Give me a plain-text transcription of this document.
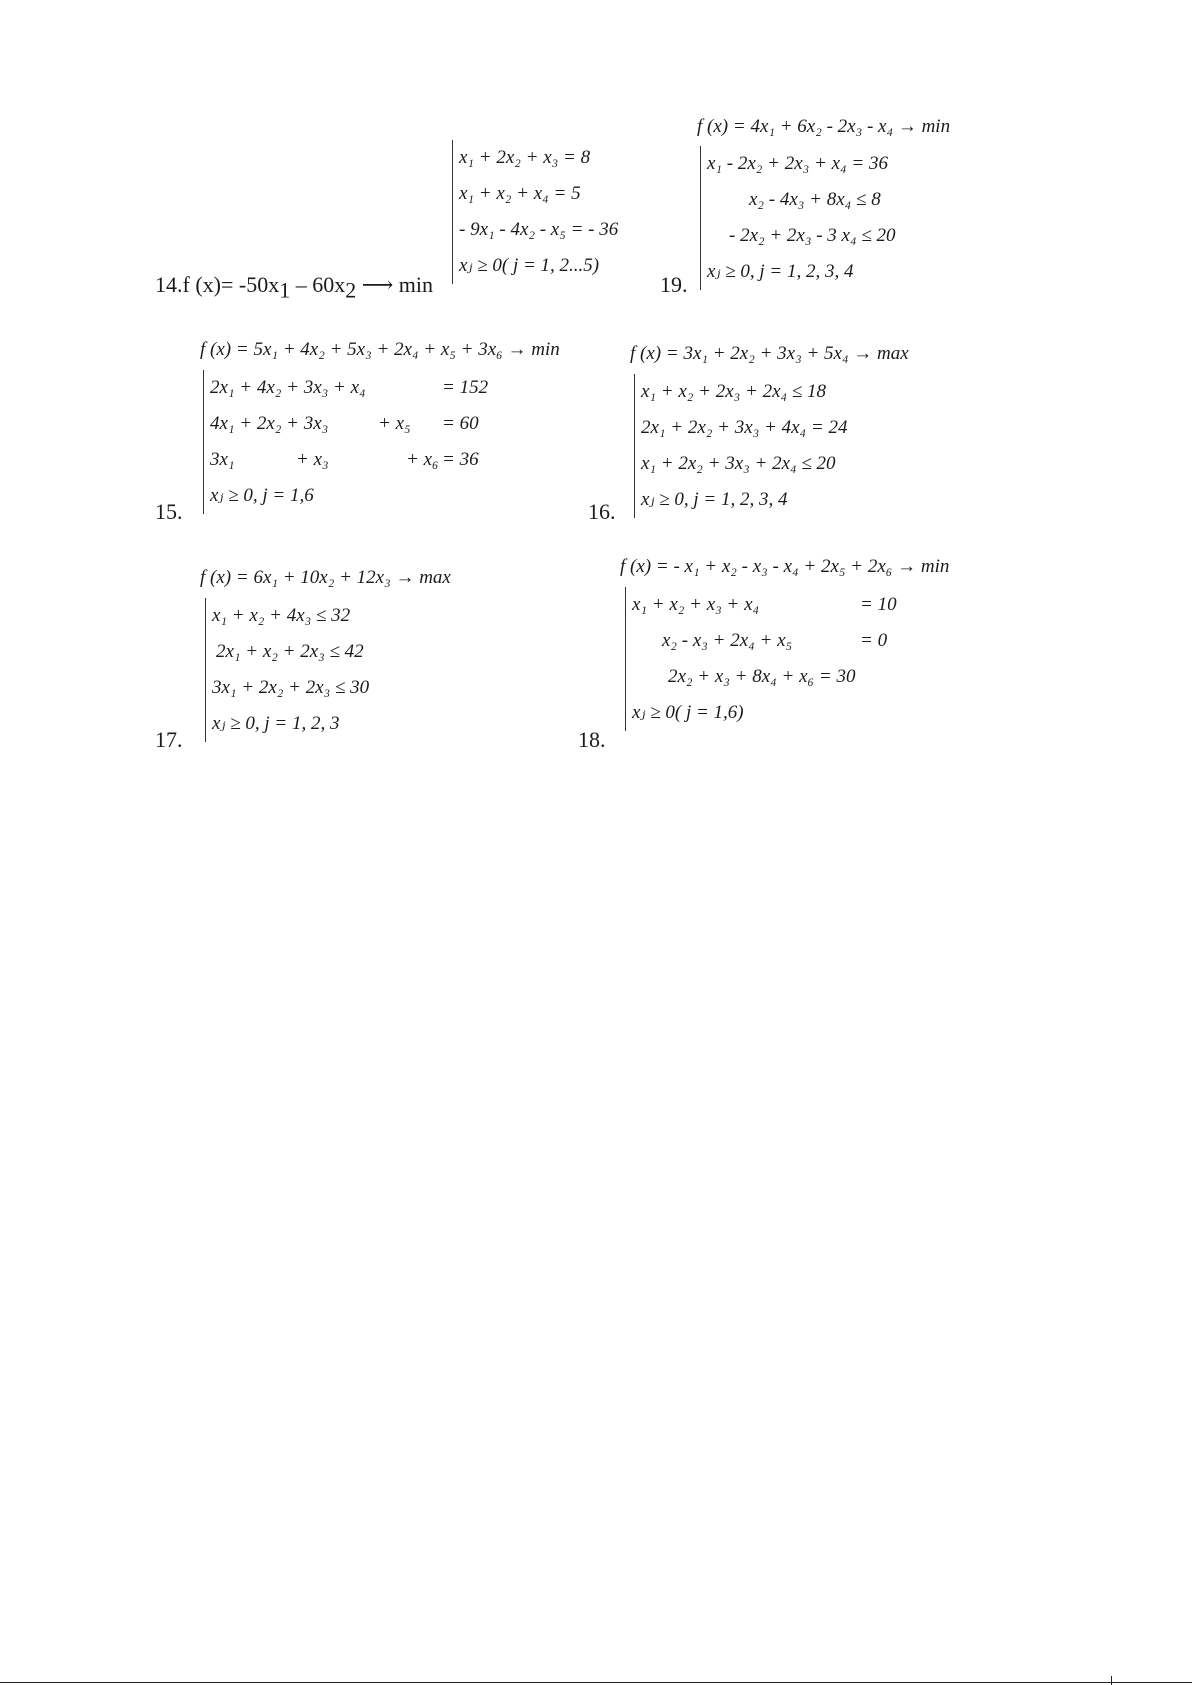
14.f $(x)= -50x_1 - 60x_2$ ⟶ min
x₁ + 2x₂ + x₃ = 8
x₁ + x₂ + x₄ = 5
- 9x₁ - 4x₂ - x₅ = - 36
xⱼ ≥ 0( j = 1, 2...5)
f (x) = 4x₁ + 6x₂ - 2x₃ - x₄ → min
19.
x₁ - 2x₂ + 2x₃ + x₄ = 36
x₂ - 4x₃ + 8x₄ ≤ 8
- 2x₂ + 2x₃ - 3 x₄ ≤ 20
xⱼ ≥ 0, j = 1, 2, 3, 4
f (x) = 5x₁ + 4x₂ + 5x₃ + 2x₄ + x₅ + 3x₆ → min
15.
2x₁ + 4x₂ + 3x₃ + x₄	= 152
4x₁ + 2x₂ + 3x₃	+ x₅ = 60
3x₁	+ x₃	+ x₆ = 36
xⱼ ≥ 0, j = 1,6
f (x) = 3x₁ + 2x₂ + 3x₃ + 5x₄ → max
16.
x₁ + x₂ + 2x₃ + 2x₄ ≤ 18
2x₁ + 2x₂ + 3x₃ + 4x₄ = 24
x₁ + 2x₂ + 3x₃ + 2x₄ ≤ 20
xⱼ ≥ 0, j = 1, 2, 3, 4
f (x) = 6x₁ + 10x₂ + 12x₃ → max
17.
x₁ + x₂ + 4x₃ ≤ 32
2x₁ + x₂ + 2x₃ ≤ 42
3x₁ + 2x₂ + 2x₃ ≤ 30
xⱼ ≥ 0, j = 1, 2, 3
f (x) = - x₁ + x₂ - x₃ - x₄ + 2x₅ + 2x₆ → min
18.
x₁ + x₂ + x₃ + x₄	= 10
x₂ - x₃ + 2x₄ + x₅	= 0
2x₂ + x₃ + 8x₄ + x₆ = 30
xⱼ ≥ 0( j = 1,6)
